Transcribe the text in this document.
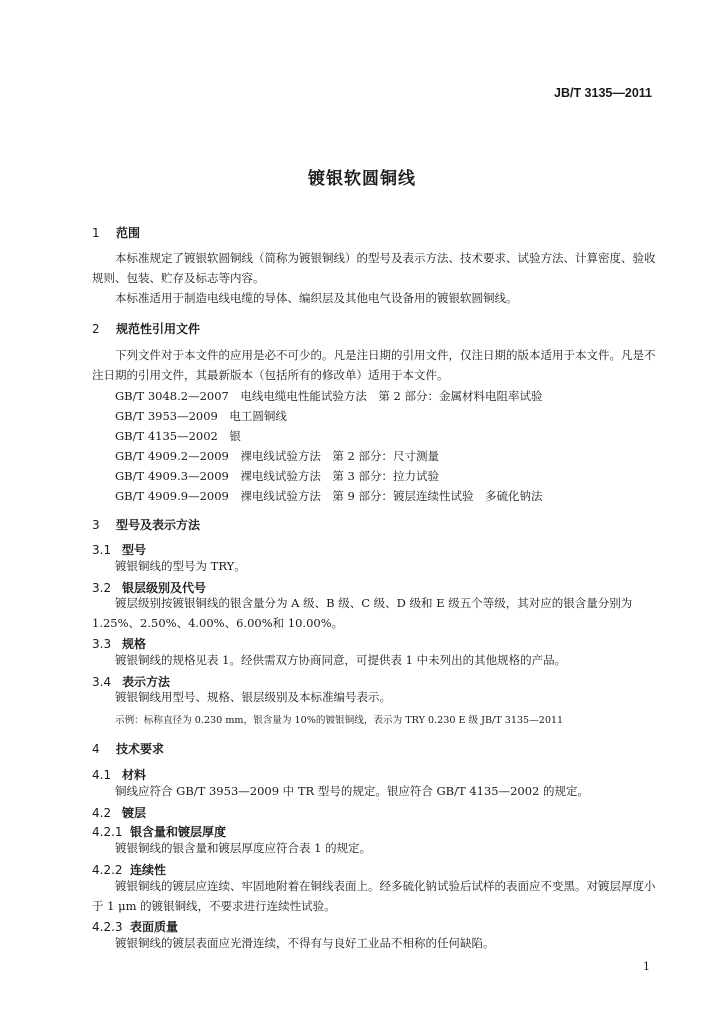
JB/T 3135—2011
镀银软圆铜线
1 范围
本标准规定了镀银软圆铜线（简称为镀银铜线）的型号及表示方法、技术要求、试验方法、计算密度、验收规则、包装、贮存及标志等内容。
本标准适用于制造电线电缆的导体、编织层及其他电气设备用的镀银软圆铜线。
2 规范性引用文件
下列文件对于本文件的应用是必不可少的。凡是注日期的引用文件，仅注日期的版本适用于本文件。凡是不注日期的引用文件，其最新版本（包括所有的修改单）适用于本文件。
GB/T 3048.2—2007　电线电缆电性能试验方法　第 2 部分：金属材料电阻率试验
GB/T 3953—2009　电工圆铜线
GB/T 4135—2002　银
GB/T 4909.2—2009　裸电线试验方法　第 2 部分：尺寸测量
GB/T 4909.3—2009　裸电线试验方法　第 3 部分：拉力试验
GB/T 4909.9—2009　裸电线试验方法　第 9 部分：镀层连续性试验　多硫化钠法
3 型号及表示方法
3.1 型号
镀银铜线的型号为 TRY。
3.2 银层级别及代号
镀层级别按镀银铜线的银含量分为 A 级、B 级、C 级、D 级和 E 级五个等级，其对应的银含量分别为 1.25%、2.50%、4.00%、6.00%和 10.00%。
3.3 规格
镀银铜线的规格见表 1。经供需双方协商同意，可提供表 1 中未列出的其他规格的产品。
3.4 表示方法
镀银铜线用型号、规格、银层级别及本标准编号表示。
示例：标称直径为 0.230 mm，银含量为 10%的镀银铜线，表示为 TRY 0.230 E 级 JB/T 3135—2011
4 技术要求
4.1 材料
铜线应符合 GB/T 3953—2009 中 TR 型号的规定。银应符合 GB/T 4135—2002 的规定。
4.2 镀层
4.2.1 银含量和镀层厚度
镀银铜线的银含量和镀层厚度应符合表 1 的规定。
4.2.2 连续性
镀银铜线的镀层应连续、牢固地附着在铜线表面上。经多硫化钠试验后试样的表面应不变黑。对镀层厚度小于 1 μm 的镀银铜线，不要求进行连续性试验。
4.2.3 表面质量
镀银铜线的镀层表面应光滑连续，不得有与良好工业品不相称的任何缺陷。
1
